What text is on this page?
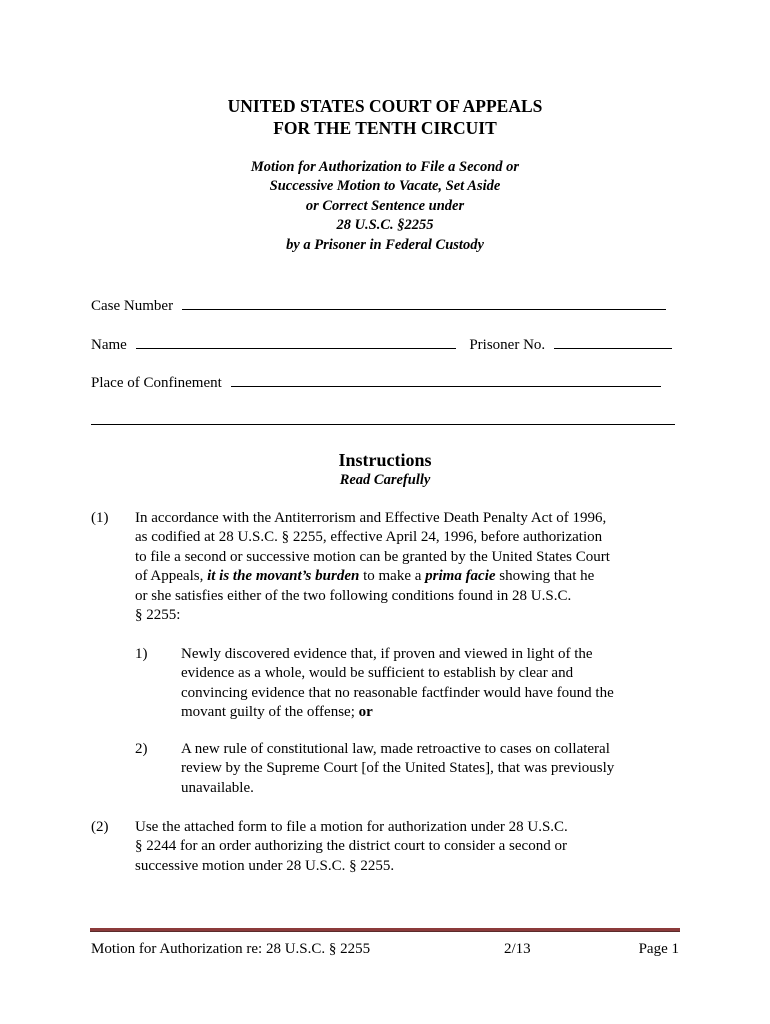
UNITED STATES COURT OF APPEALS
FOR THE TENTH CIRCUIT
Motion for Authorization to File a Second or
Successive Motion to Vacate, Set Aside
or Correct Sentence under
28 U.S.C. §2255
by a Prisoner in Federal Custody
Case Number
Name	Prisoner No.
Place of Confinement
Instructions
Read Carefully
(1) In accordance with the Antiterrorism and Effective Death Penalty Act of 1996,
as codified at 28 U.S.C. § 2255, effective April 24, 1996, before authorization
to file a second or successive motion can be granted by the United States Court
of Appeals, it is the movant’s burden to make a prima facie showing that he
or she satisfies either of the two following conditions found in 28 U.S.C.
§ 2255:
1) Newly discovered evidence that, if proven and viewed in light of the
evidence as a whole, would be sufficient to establish by clear and
convincing evidence that no reasonable factfinder would have found the
movant guilty of the offense; or
2) A new rule of constitutional law, made retroactive to cases on collateral
review by the Supreme Court [of the United States], that was previously
unavailable.
(2) Use the attached form to file a motion for authorization under 28 U.S.C.
§ 2244 for an order authorizing the district court to consider a second or
successive motion under 28 U.S.C. § 2255.
Motion for Authorization re: 28 U.S.C. § 2255	2/13	Page 1
